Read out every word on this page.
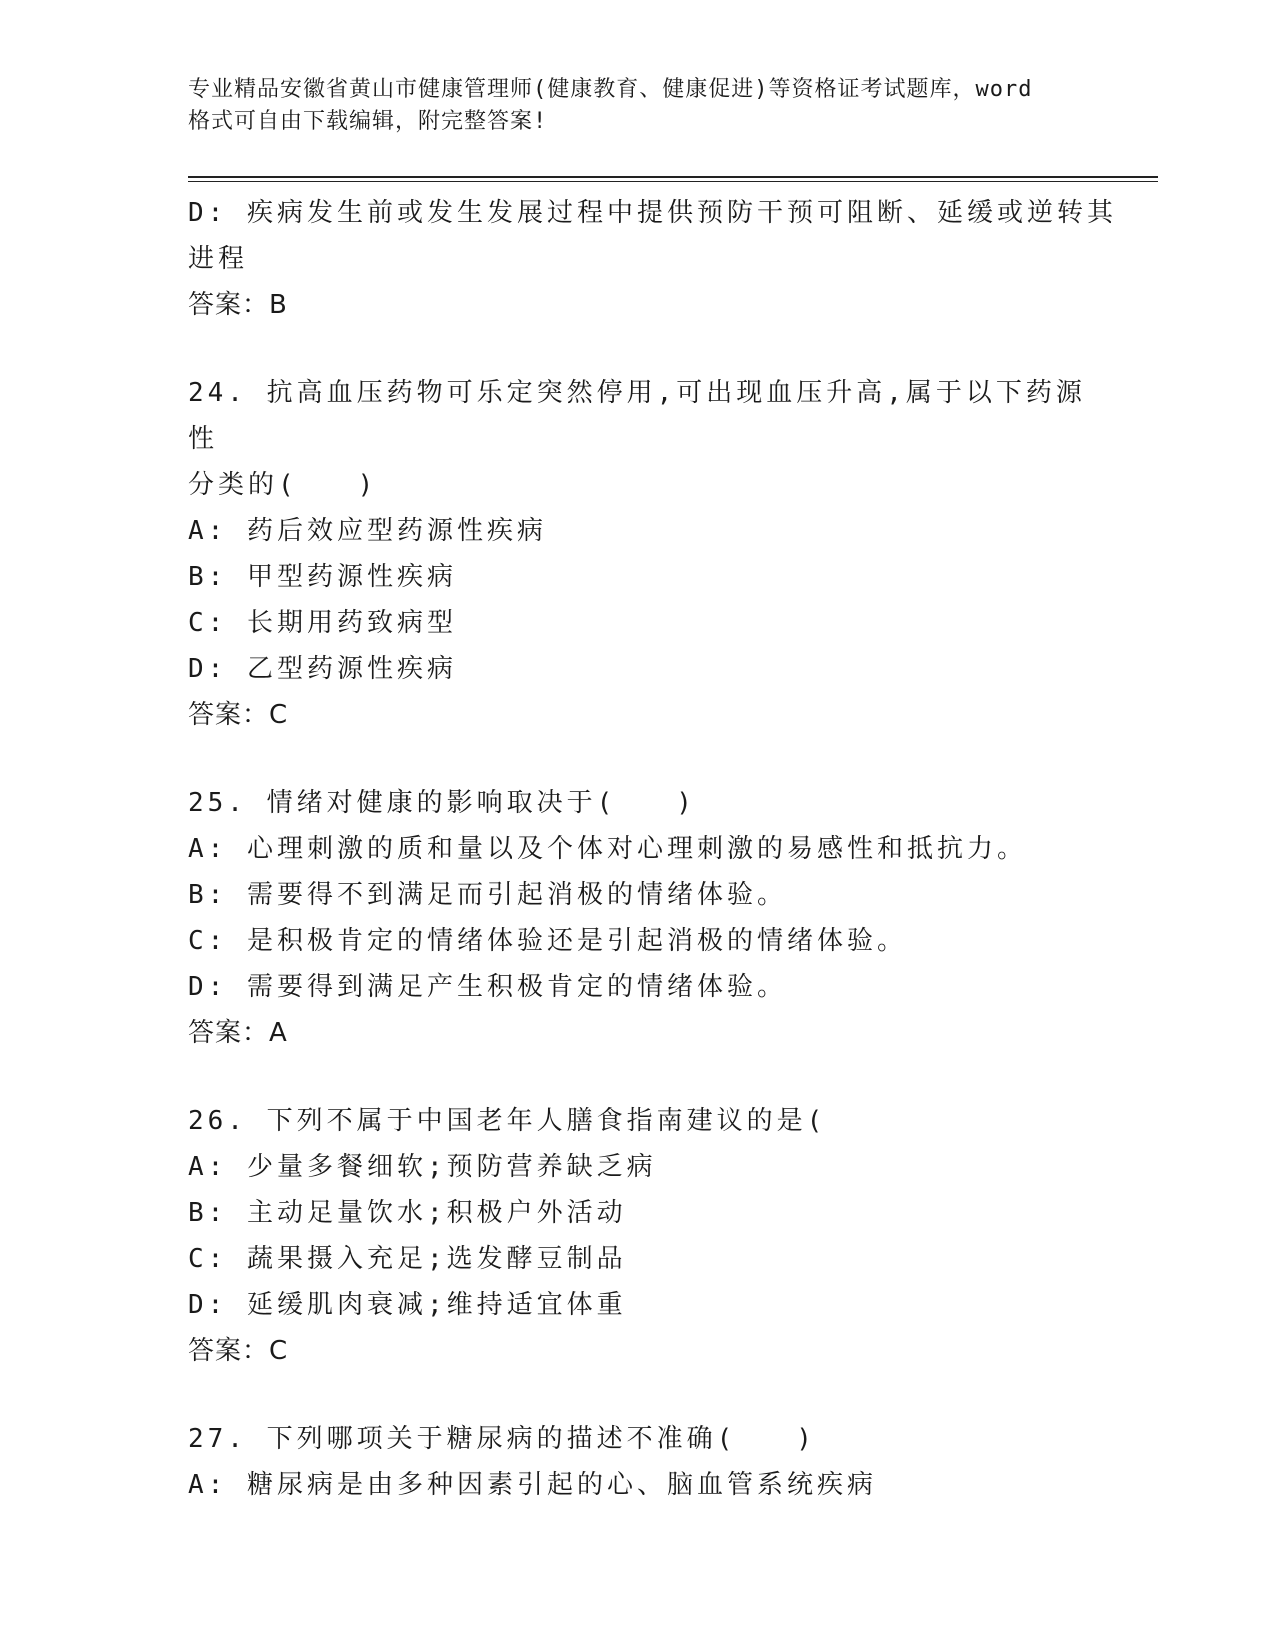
专业精品安徽省黄山市健康管理师(健康教育、健康促进)等资格证考试题库，word
格式可自由下载编辑，附完整答案!
D: 疾病发生前或发生发展过程中提供预防干预可阻断、延缓或逆转其
进程
答案：B
24. 抗高血压药物可乐定突然停用,可出现血压升高,属于以下药源性
分类的(　　)
A: 药后效应型药源性疾病
B: 甲型药源性疾病
C: 长期用药致病型
D: 乙型药源性疾病
答案：C
25. 情绪对健康的影响取决于(　　)
A: 心理刺激的质和量以及个体对心理刺激的易感性和抵抗力。
B: 需要得不到满足而引起消极的情绪体验。
C: 是积极肯定的情绪体验还是引起消极的情绪体验。
D: 需要得到满足产生积极肯定的情绪体验。
答案：A
26. 下列不属于中国老年人膳食指南建议的是(
A: 少量多餐细软;预防营养缺乏病
B: 主动足量饮水;积极户外活动
C: 蔬果摄入充足;选发酵豆制品
D: 延缓肌肉衰减;维持适宜体重
答案：C
27. 下列哪项关于糖尿病的描述不准确(　　)
A: 糖尿病是由多种因素引起的心、脑血管系统疾病
